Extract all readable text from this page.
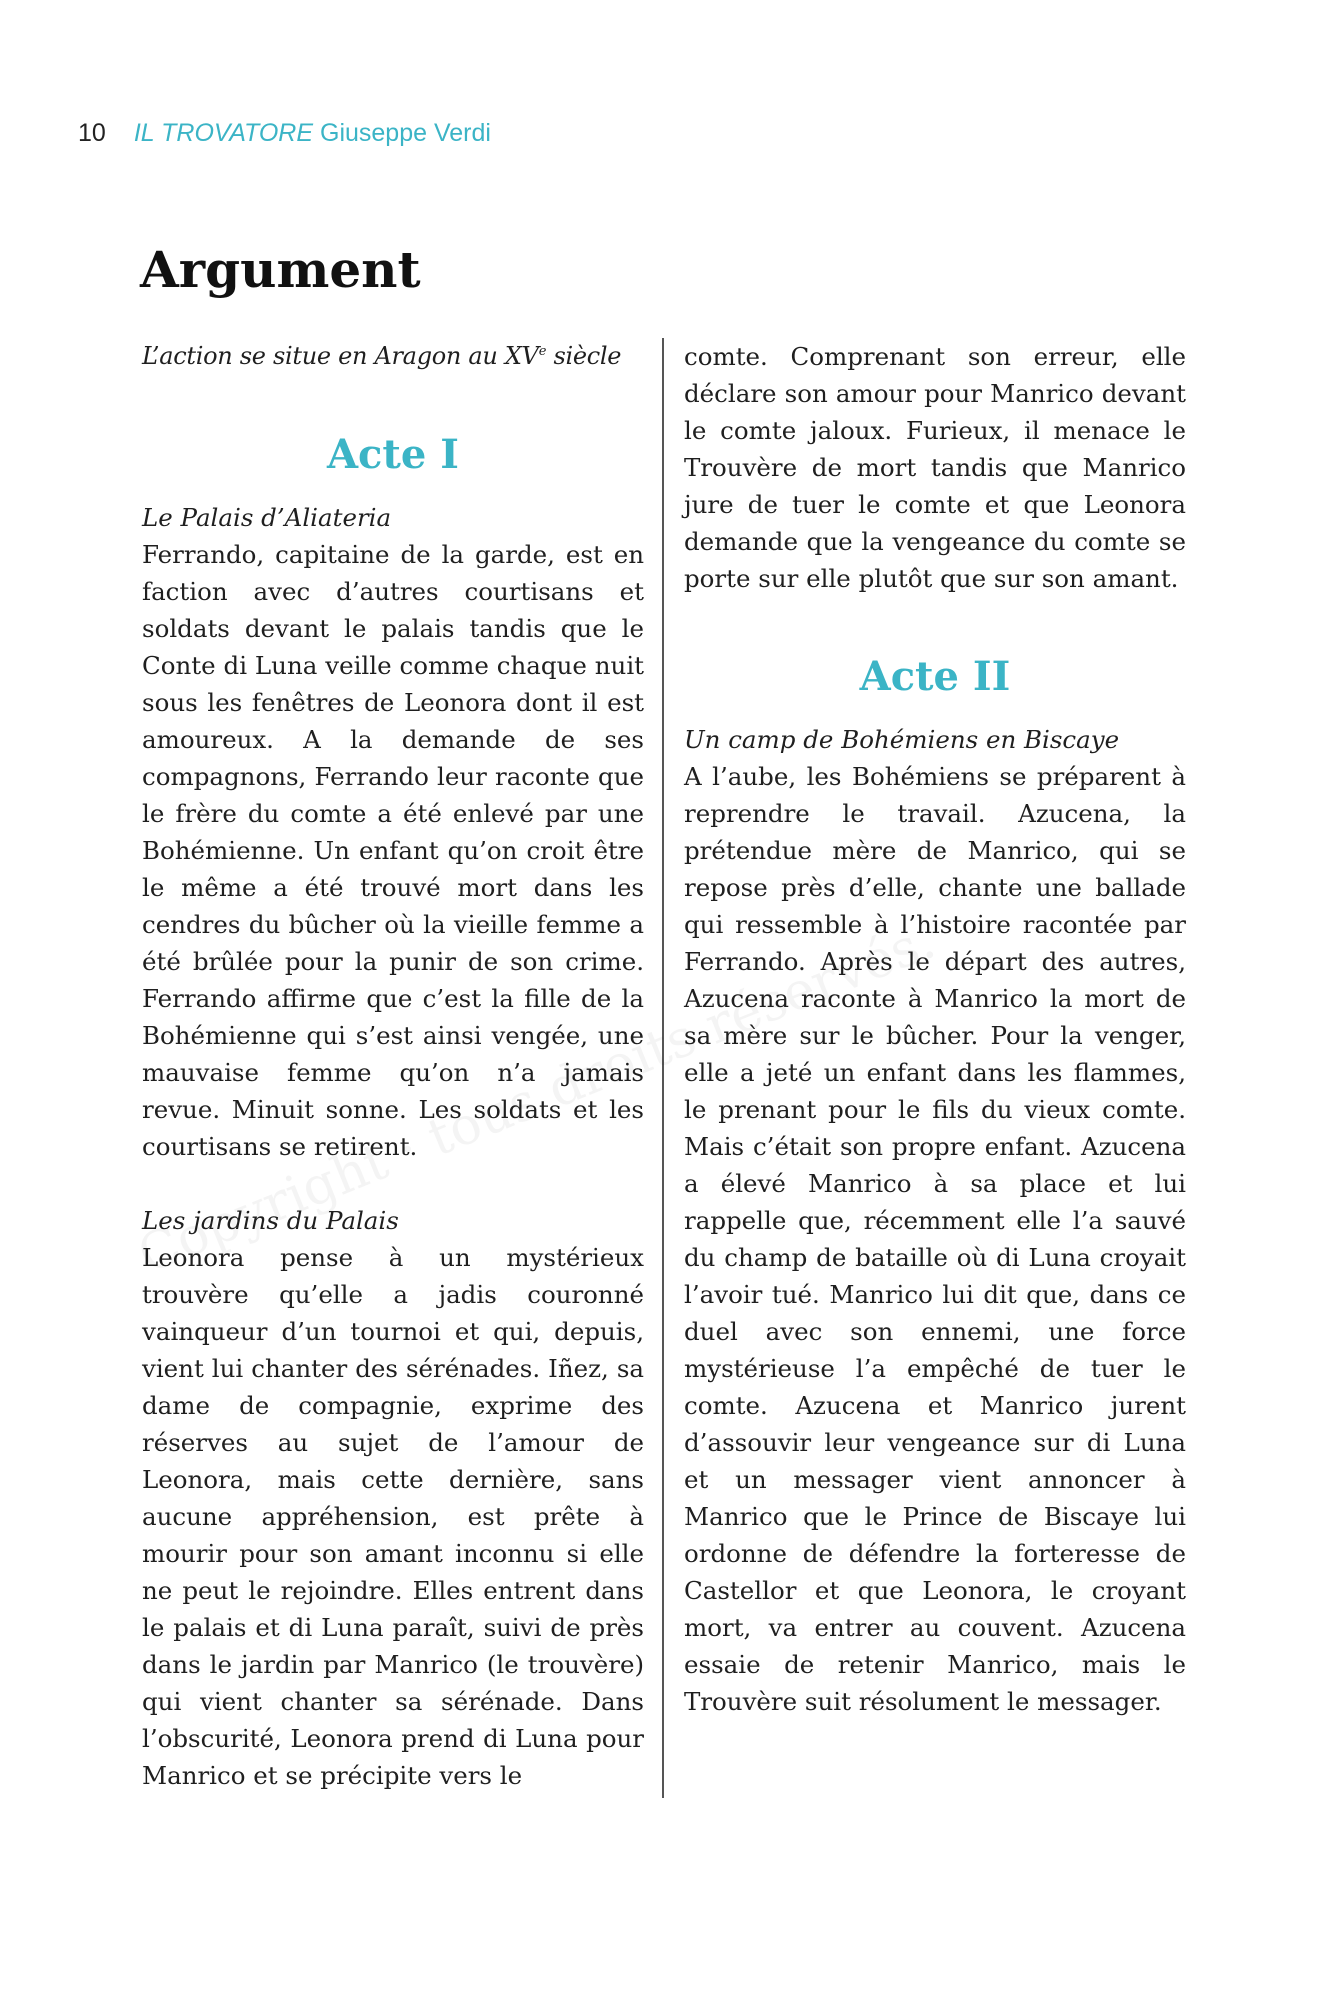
10 IL TROVATORE Giuseppe Verdi
Argument

L’action se situe en Aragon au XVe siècle

Acte I

Le Palais d’Aliateria

Ferrando, capitaine de la garde, est en faction avec d’autres courtisans et soldats devant le palais tandis que le Conte di Luna veille comme chaque nuit sous les fenêtres de Leonora dont il est amoureux. A la demande de ses compagnons, Ferrando leur raconte que le frère du comte a été enlevé par une Bohémienne. Un enfant qu’on croit être le même a été trouvé mort dans les cendres du bûcher où la vieille femme a été brûlée pour la punir de son crime. Ferrando affirme que c’est la fille de la Bohémienne qui s’est ainsi vengée, une mauvaise femme qu’on n’a jamais revue. Minuit sonne. Les soldats et les courtisans se retirent.

Les jardins du Palais

Leonora pense à un mystérieux trouvère qu’elle a jadis couronné vainqueur d’un tournoi et qui, depuis, vient lui chanter des sérénades. Iñez, sa dame de compagnie, exprime des réserves au sujet de l’amour de Leonora, mais cette dernière, sans aucune appréhension, est prête à mourir pour son amant inconnu si elle ne peut le rejoindre. Elles entrent dans le palais et di Luna paraît, suivi de près dans le jardin par Manrico (le trouvère) qui vient chanter sa sérénade. Dans l’obscurité, Leonora prend di Luna pour Manrico et se précipite vers le

comte. Comprenant son erreur, elle déclare son amour pour Manrico devant le comte jaloux. Furieux, il menace le Trouvère de mort tandis que Manrico jure de tuer le comte et que Leonora demande que la vengeance du comte se porte sur elle plutôt que sur son amant.

Acte II

Un camp de Bohémiens en Biscaye

A l’aube, les Bohémiens se préparent à reprendre le travail. Azucena, la prétendue mère de Manrico, qui se repose près d’elle, chante une ballade qui ressemble à l’histoire racontée par Ferrando. Après le départ des autres, Azucena raconte à Manrico la mort de sa mère sur le bûcher. Pour la venger, elle a jeté un enfant dans les flammes, le prenant pour le fils du vieux comte. Mais c’était son propre enfant. Azucena a élevé Manrico à sa place et lui rappelle que, récemment elle l’a sauvé du champ de bataille où di Luna croyait l’avoir tué. Manrico lui dit que, dans ce duel avec son ennemi, une force mystérieuse l’a empêché de tuer le comte. Azucena et Manrico jurent d’assouvir leur vengeance sur di Luna et un messager vient annoncer à Manrico que le Prince de Biscaye lui ordonne de défendre la forteresse de Castellor et que Leonora, le croyant mort, va entrer au couvent. Azucena essaie de retenir Manrico, mais le Trouvère suit résolument le messager.
